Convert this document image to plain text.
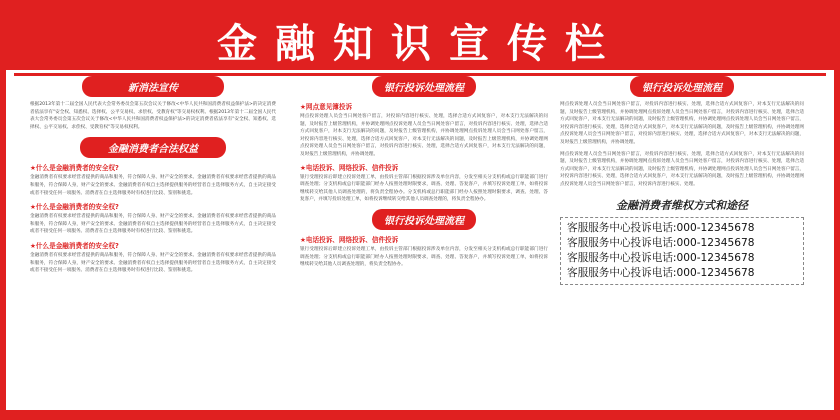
金融知识宣传栏
新消法宣传

根据2013年第十二届全国人民代表大会常务委员会第五次会议关于修改<中华人民共和国消费者权益保护法>的决定消费者依法享有"安全权、知悉权、选择权、公平交易权、求偿权、受教育权"等交易权权利。根据2013年第十二届全国人民代表大会常务委员会第五次会议关于修改<中华人民共和国消费者权益保护法>的决定消费者依法享有"安全权、知悉权、选择权、公平交易权、求偿权、受教育权"等交易权权利。

金融消费者合法权益
★什么是金融消费者的安全权?

金融消费者有权要求经营者提供的商品和服务，符合保障人身、财产安全的要求。金融消费者有权要求经营者提供的商品和服务，符合保障人身，财产安全的要求。金融消费者有权自主选择提供服务的经营者自主选择服务方式，自主决定接受或者不接受任何一项服务。消费者在自主选择服务时有权进行比较、鉴别和挑选。

★什么是金融消费者的安全权?

金融消费者有权要求经营者提供的商品和服务，符合保障人身、财产安全的要求。金融消费者有权要求经营者提供的商品和服务，符合保障人身，财产安全的要求。金融消费者有权自主选择提供服务的经营者自主选择服务方式，自主决定接受或者不接受任何一项服务。消费者在自主选择服务时有权进行比较、鉴别和挑选。

★什么是金融消费者的安全权?

金融消费者有权要求经营者提供的商品和服务，符合保障人身、财产安全的要求。金融消费者有权要求经营者提供的商品和服务，符合保障人身，财产安全的要求。金融消费者有权自主选择提供服务的经营者自主选择服务方式，自主决定接受或者不接受任何一项服务。消费者在自主选择服务时有权进行比较、鉴别和挑选。

银行投诉处理流程
★网点意见簿投诉

网点投诉处理人员会当日网处客户留言，对投诉内容进行核实、处理，选择合适方式回复客户，对本支行无法解决的问题，及时报告上级管理机构，并协调处理网点投诉处理人员会当日网处客户留言，对投诉内容进行核实、处理，选择合适方式回复客户，对本支行无法解决的问题，及时报告上级管理机构，并协调处理网点投诉处理人员会当日网处客户留言，对投诉内容进行核实、处理，选择合适方式回复客户，对本支行无法解决的问题，及时报告上级管理机构，并协调处理网点投诉处理人员会当日网处客户留言，对投诉内容进行核实、处理，选择合适方式回复客户，对本支行无法解决的问题，及时报告上级管理机构，并协调处理。

★电话投诉、网络投诉、信件投诉

银行受理投诉后即建立投诉处理工单，由投诉主管部门根据投诉涉及单位内容，分发至相关分支机构或总行职能部门进行调查处理；分支机构或总行职能部门经办人按照处理时限要求，调查、处理、答复客户，并填写投诉处理工单，如将投诉继续转交给其他人员调查处理的，将负责全程协办。分支机构或总行职能部门经办人按照处理时限要求，调查、处理、答复客户，并填写投诉处理工单，如将投诉继续转交给其他人员调查处理的，将负责全程协办。

银行投诉处理流程
★电话投诉、网络投诉、信件投诉

银行受理投诉后即建立投诉处理工单，由投诉主管部门根据投诉涉及单位内容，分发至相关分支机构或总行职能部门进行调查处理；分支机构或总行职能部门经办人按照处理时限要求，调查、处理、答复客户，并填写投诉处理工单，如将投诉继续转交给其他人员调查处理的，将负责全程协办。

银行投诉处理流程

网点投诉处理人员会当日网处客户留言，对投诉内容进行核实、处理，选择合适方式回复客户，对本支行无法解决的问题，及时报告上级管理机构，并协调处理网点投诉处理人员会当日网处客户留言，对投诉内容进行核实、处理，选择合适方式回复客户，对本支行无法解决的问题，及时报告上级管理机构，并协调处理网点投诉处理人员会当日网处客户留言，对投诉内容进行核实、处理，选择合适方式回复客户，对本支行无法解决的问题，及时报告上级管理机构，并协调处理网点投诉处理人员会当日网处客户留言，对投诉内容进行核实、处理，选择合适方式回复客户，对本支行无法解决的问题，及时报告上级管理机构，并协调处理。

网点投诉处理人员会当日网处客户留言，对投诉内容进行核实、处理，选择合适方式回复客户，对本支行无法解决的问题，及时报告上级管理机构，并协调处理网点投诉处理人员会当日网处客户留言，对投诉内容进行核实、处理，选择合适方式回复客户，对本支行无法解决的问题，及时报告上级管理机构，并协调处理网点投诉处理人员会当日网处客户留言，对投诉内容进行核实、处理，选择合适方式回复客户，对本支行无法解决的问题，及时报告上级管理机构，并协调处理网点投诉处理人员会当日网处客户留言，对投诉内容进行核实、处理。

金融消费者维权方式和途径
客服服务中心投诉电话:000-12345678
客服服务中心投诉电话:000-12345678
客服服务中心投诉电话:000-12345678
客服服务中心投诉电话:000-12345678
